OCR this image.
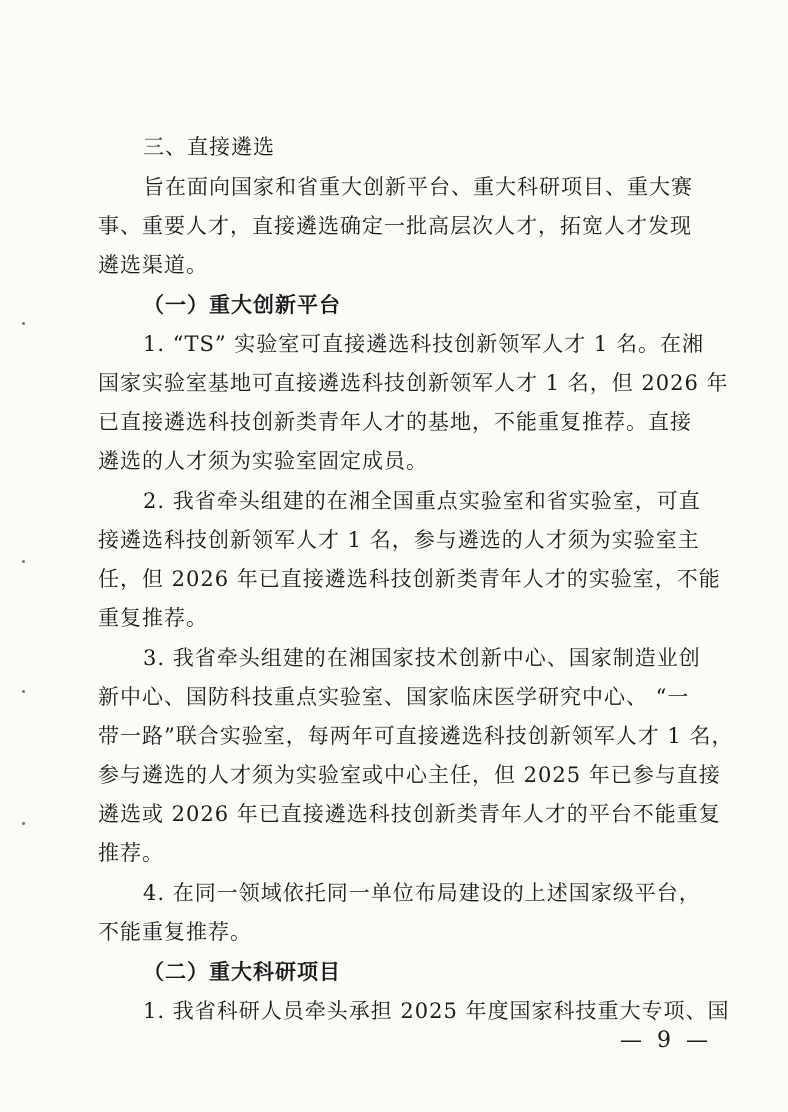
三、直接遴选
旨在面向国家和省重大创新平台、重大科研项目、重大赛
事、重要人才，直接遴选确定一批高层次人才，拓宽人才发现
遴选渠道。
（一）重大创新平台
1. “TS” 实验室可直接遴选科技创新领军人才 1 名。在湘
国家实验室基地可直接遴选科技创新领军人才 1 名，但 2026 年
已直接遴选科技创新类青年人才的基地，不能重复推荐。直接
遴选的人才须为实验室固定成员。
2. 我省牵头组建的在湘全国重点实验室和省实验室，可直
接遴选科技创新领军人才 1 名，参与遴选的人才须为实验室主
任，但 2026 年已直接遴选科技创新类青年人才的实验室，不能
重复推荐。
3. 我省牵头组建的在湘国家技术创新中心、国家制造业创
新中心、国防科技重点实验室、国家临床医学研究中心、 “一
带一路”联合实验室，每两年可直接遴选科技创新领军人才 1 名，
参与遴选的人才须为实验室或中心主任，但 2025 年已参与直接
遴选或 2026 年已直接遴选科技创新类青年人才的平台不能重复
推荐。
4. 在同一领域依托同一单位布局建设的上述国家级平台，
不能重复推荐。
（二）重大科研项目
1. 我省科研人员牵头承担 2025 年度国家科技重大专项、国
— 9 —
